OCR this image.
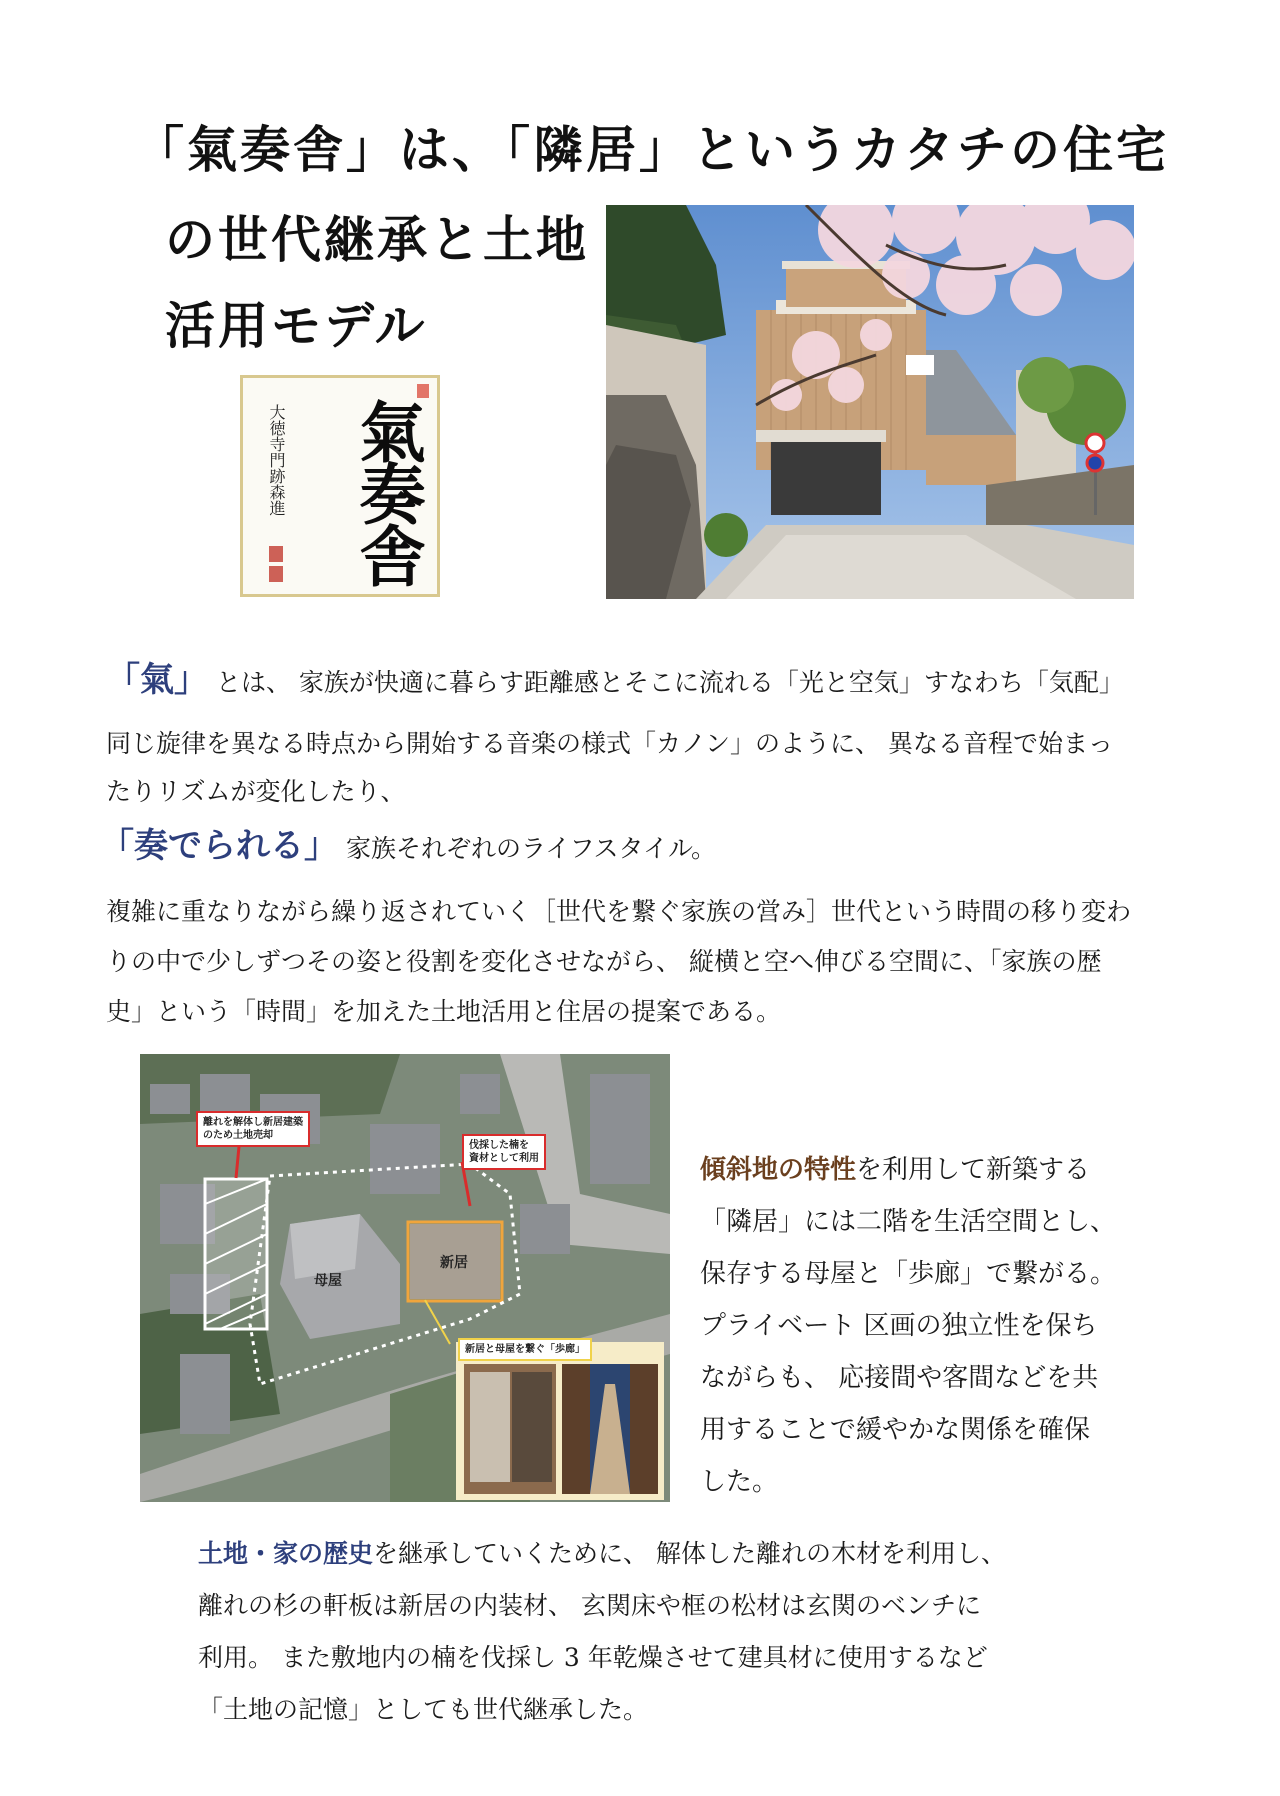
「氣奏舎」は、「隣居」というカタチの住宅
の世代継承と土地
活用モデル
氣奏舎
大徳寺門跡森進
「氣」 とは、 家族が快適に暮らす距離感とそこに流れる「光と空気」すなわち「気配」
同じ旋律を異なる時点から開始する音楽の様式「カノン」のように、 異なる音程で始まっ
たりリズムが変化したり、
「奏でられる」 家族それぞれのライフスタイル。
複雑に重なりながら繰り返されていく［世代を繋ぐ家族の営み］世代という時間の移り変わ
りの中で少しずつその姿と役割を変化させながら、 縦横と空へ伸びる空間に、「家族の歴
史」という「時間」を加えた土地活用と住居の提案である。
離れを解体し新居建築
のため土地売却
伐採した楠を
資材として利用
母屋
新居
新居と母屋を繋ぐ「歩廊」
傾斜地の特性を利用して新築する
「隣居」には二階を生活空間とし、
保存する母屋と「歩廊」で繋がる。
プライベート 区画の独立性を保ち
ながらも、 応接間や客間などを共
用することで緩やかな関係を確保
した。
土地・家の歴史を継承していくために、 解体した離れの木材を利用し、
離れの杉の軒板は新居の内装材、 玄関床や框の松材は玄関のベンチに
利用。 また敷地内の楠を伐採し 3 年乾燥させて建具材に使用するなど
「土地の記憶」としても世代継承した。
